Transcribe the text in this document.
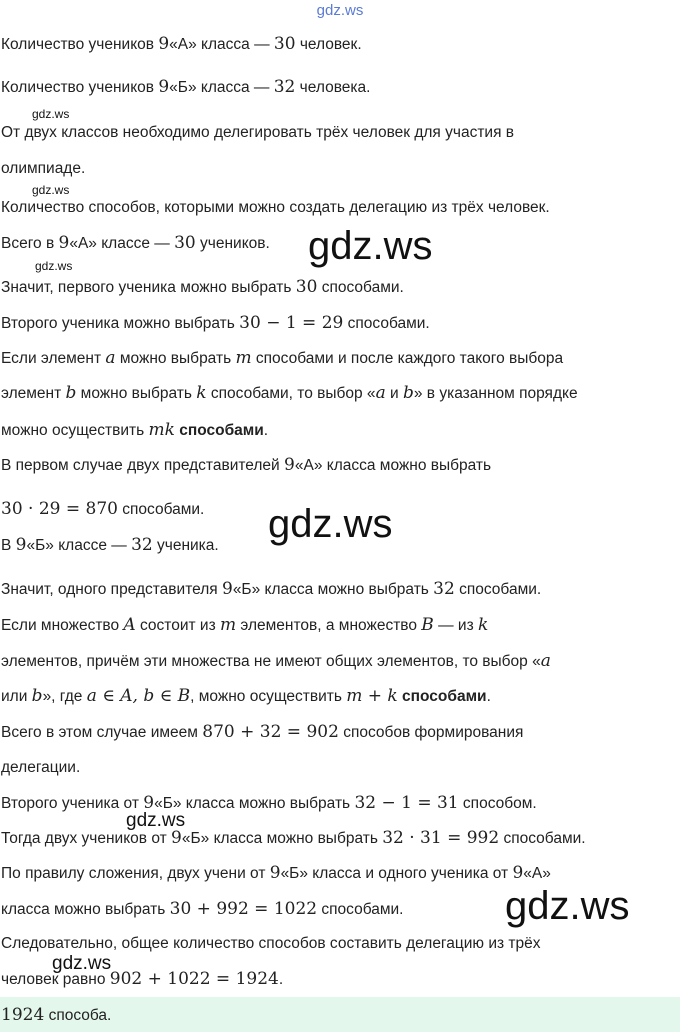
gdz.ws
Количество учеников 9«А» класса — 30 человек.
Количество учеников 9«Б» класса — 32 человека.
gdz.ws
От двух классов необходимо делегировать трёх человек для участия в
олимпиаде.
gdz.ws
Количество способов, которыми можно создать делегацию из трёх человек.
Всего в 9«А» классе — 30 учеников. gdz.ws
gdz.ws
Значит, первого ученика можно выбрать 30 способами.
Второго ученика можно выбрать 30 − 1 = 29 способами.
Если элемент a можно выбрать m способами и после каждого такого выбора
элемент b можно выбрать k способами, то выбор «a и b» в указанном порядке
можно осуществить mk способами.
В первом случае двух представителей 9«А» класса можно выбрать
30 · 29 = 870 способами. gdz.ws
В 9«Б» классе — 32 ученика.
Значит, одного представителя 9«Б» класса можно выбрать 32 способами.
Если множество A состоит из m элементов, а множество B — из k
элементов, причём эти множества не имеют общих элементов, то выбор «a
или b», где a ∈ A, b ∈ B, можно осуществить m + k способами.
Всего в этом случае имеем 870 + 32 = 902 способов формирования
делегации.
Второго ученика от 9«Б» класса можно выбрать 32 − 1 = 31 способом.
gdz.ws
Тогда двух учеников от 9«Б» класса можно выбрать 32 · 31 = 992 способами.
По правилу сложения, двух учени от 9«Б» класса и одного ученика от 9«А»
класса можно выбрать 30 + 992 = 1022 способами.	gdz.ws
Следовательно, общее количество способов составить делегацию из трёх
gdz.ws
человек равно 902 + 1022 = 1924.
1924 способа.
